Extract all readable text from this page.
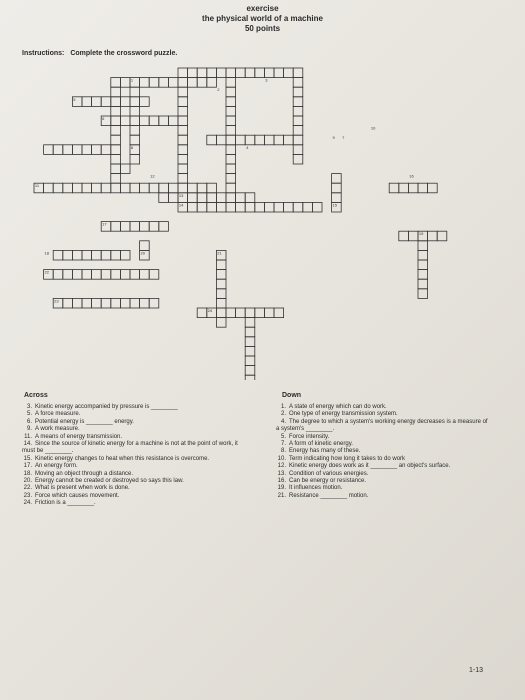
exercise
the physical world of a machine
50 points
Instructions: Complete the crossword puzzle.
1
2
3
4
5
6
7
8
9
10
11
12
13
14	15
16
17
18
19
20	21
22
23
24
Across
3. Kinetic energy accompanied by pressure is ________
5. A force measure.
6. Potential energy is ________ energy.
9. A work measure.
11. A means of energy transmission.
14. Since the source of kinetic energy for a machine is not at the point of work, it must be ________.
15. Kinetic energy changes to heat when this resistance is overcome.
17. An energy form.
18. Moving an object through a distance.
20. Energy cannot be created or destroyed so says this law.
22. What is present when work is done.
23. Force which causes movement.
24. Friction is a ________.
Down
1. A state of energy which can do work.
2. One type of energy transmission system.
4. The degree to which a system's working energy decreases is a measure of a system's ________.
5. Force intensity.
7. A form of kinetic energy.
8. Energy has many of these.
10. Term indicating how long it takes to do work
12. Kinetic energy does work as it ________ an object's surface.
13. Condition of various energies.
16. Can be energy or resistance.
19. It influences motion.
21. Resistance ________ motion.
1-13
